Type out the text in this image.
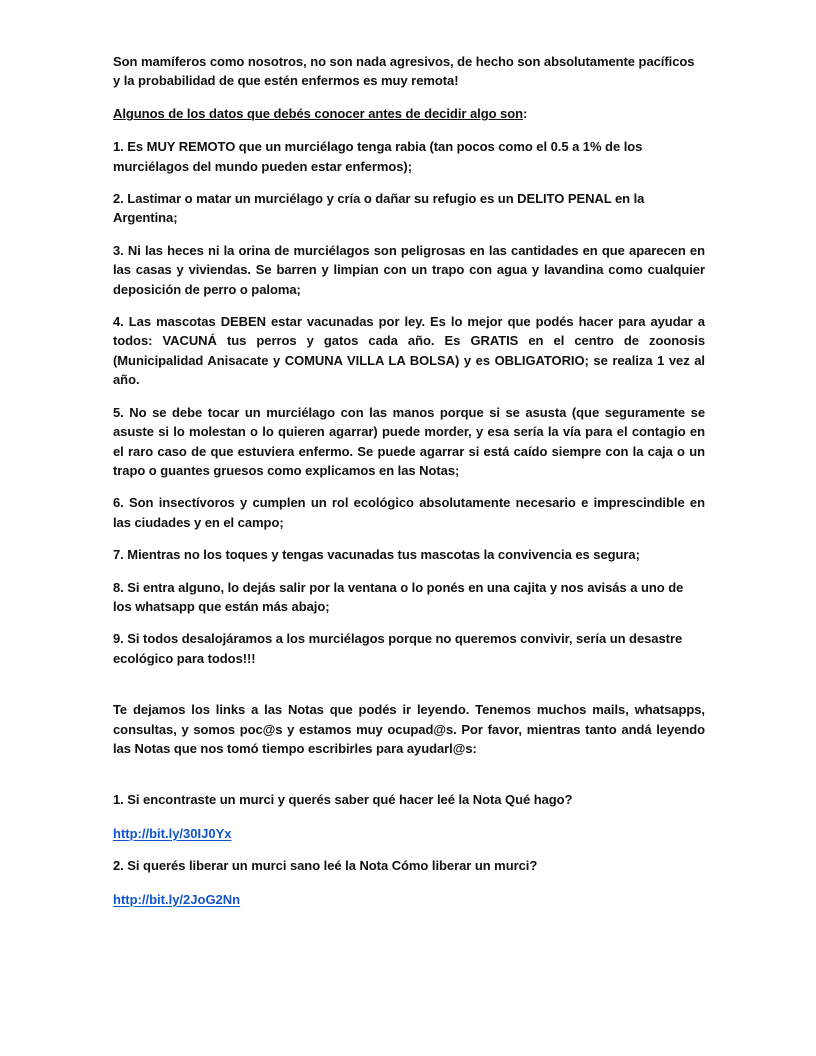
Son mamíferos como nosotros, no son nada agresivos, de hecho son absolutamente pacíficos y la probabilidad de que estén enfermos es muy remota!

Algunos de los datos que debés conocer antes de decidir algo son:

1. Es MUY REMOTO que un murciélago tenga rabia (tan pocos como el 0.5 a 1% de los murciélagos del mundo pueden estar enfermos);

2. Lastimar o matar un murciélago y cría o dañar su refugio es un DELITO PENAL en la Argentina;

3. Ni las heces ni la orina de murciélagos son peligrosas en las cantidades en que aparecen en las casas y viviendas. Se barren y limpian con un trapo con agua y lavandina como cualquier deposición de perro o paloma;

4. Las mascotas DEBEN estar vacunadas por ley. Es lo mejor que podés hacer para ayudar a todos: VACUNÁ tus perros y gatos cada año. Es GRATIS en el centro de zoonosis (Municipalidad Anisacate y COMUNA VILLA LA BOLSA) y es OBLIGATORIO; se realiza 1 vez al año.

5. No se debe tocar un murciélago con las manos porque si se asusta (que seguramente se asuste si lo molestan o lo quieren agarrar) puede morder, y esa sería la vía para el contagio en el raro caso de que estuviera enfermo. Se puede agarrar si está caído siempre con la caja o un trapo o guantes gruesos como explicamos en las Notas;

6. Son insectívoros y cumplen un rol ecológico absolutamente necesario e imprescindible en las ciudades y en el campo;

7. Mientras no los toques y tengas vacunadas tus mascotas la convivencia es segura;

8. Si entra alguno, lo dejás salir por la ventana o lo ponés en una cajita y nos avisás a uno de los whatsapp que están más abajo;

9. Si todos desalojáramos a los murciélagos porque no queremos convivir, sería un desastre ecológico para todos!!!

Te dejamos los links a las Notas que podés ir leyendo. Tenemos muchos mails, whatsapps, consultas, y somos poc@s y estamos muy ocupad@s. Por favor, mientras tanto andá leyendo las Notas que nos tomó tiempo escribirles para ayudarl@s:

1. Si encontraste un murci y querés saber qué hacer leé la Nota Qué hago?

http://bit.ly/30IJ0Yx

2. Si querés liberar un murci sano leé la Nota Cómo liberar un murci?

http://bit.ly/2JoG2Nn
